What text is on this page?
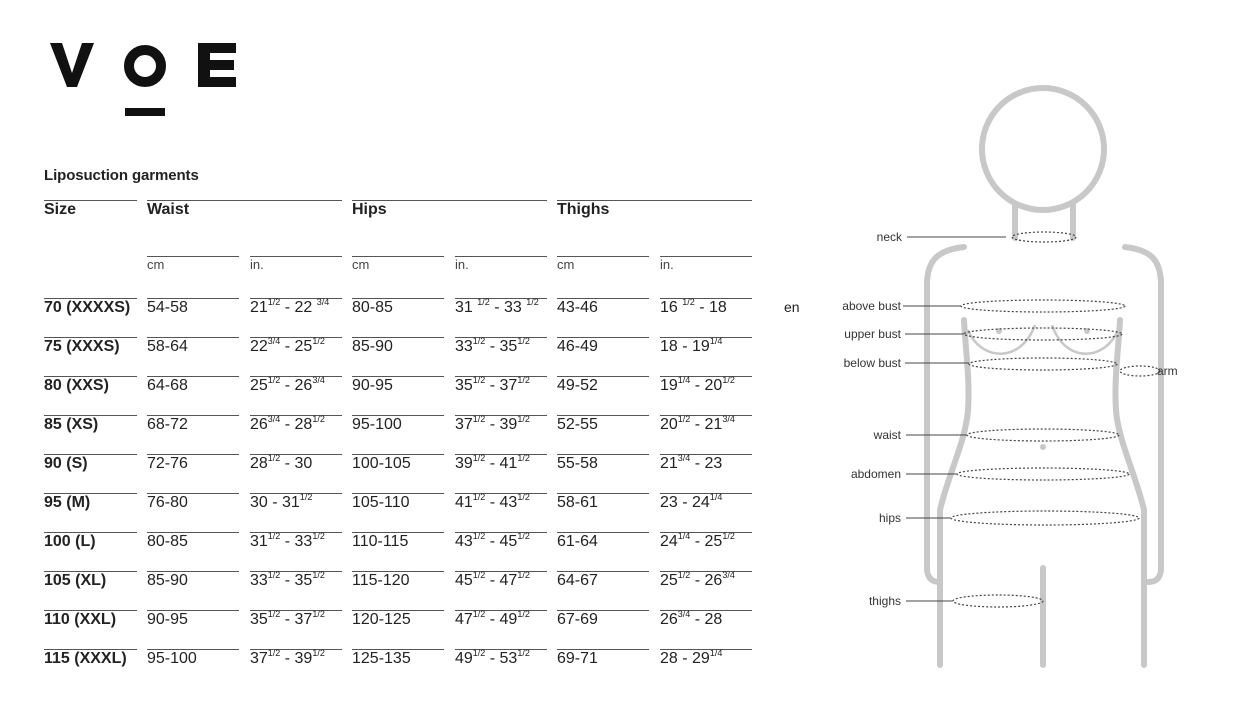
Liposuction garments
en
Size		Waist				Hips				Thighs		
		cm		in.		cm		in.		cm		in.
70 (XXXXS)		54-58		$21^{1/2} - 22$ $^{3/4}$		80-85		31 $^{1/2}$ - 33 $^{1/2}$		43-46		16 $^{1/2}$ - 18
75 (XXXS)		58-64		$22^{3/4} - 25^{1/2}$		85-90		$33^{1/2} - 35^{1/2}$		46-49		$18 - 19^{1/4}$
80 (XXS)		64-68		$25^{1/2} - 26^{3/4}$		90-95		$35^{1/2} - 37^{1/2}$		49-52		$19^{1/4} - 20^{1/2}$
85 (XS)		68-72		$26^{3/4} - 28^{1/2}$		95-100		$37^{1/2} - 39^{1/2}$		52-55		$20^{1/2} - 21^{3/4}$
90 (S)		72-76		$28^{1/2} - 30$		100-105		$39^{1/2} - 41^{1/2}$		55-58		$21^{3/4} - 23$
95 (M)		76-80		$30 - 31^{1/2}$		105-110		$41^{1/2} - 43^{1/2}$		58-61		$23 - 24^{1/4}$
100 (L)		80-85		$31^{1/2} - 33^{1/2}$		110-115		$43^{1/2} - 45^{1/2}$		61-64		$24^{1/4} - 25^{1/2}$
105 (XL)		85-90		$33^{1/2} - 35^{1/2}$		115-120		$45^{1/2} - 47^{1/2}$		64-67		$25^{1/2} - 26^{3/4}$
110 (XXL)		90-95		$35^{1/2} - 37^{1/2}$		120-125		$47^{1/2} - 49^{1/2}$		67-69		$26^{3/4} - 28$
115 (XXXL)		95-100		$37^{1/2} - 39^{1/2}$		125-135		$49^{1/2} - 53^{1/2}$		69-71		$28 - 29^{1/4}$
neck
above bust
upper bust
below bust
arm
waist
abdomen
hips
thighs
